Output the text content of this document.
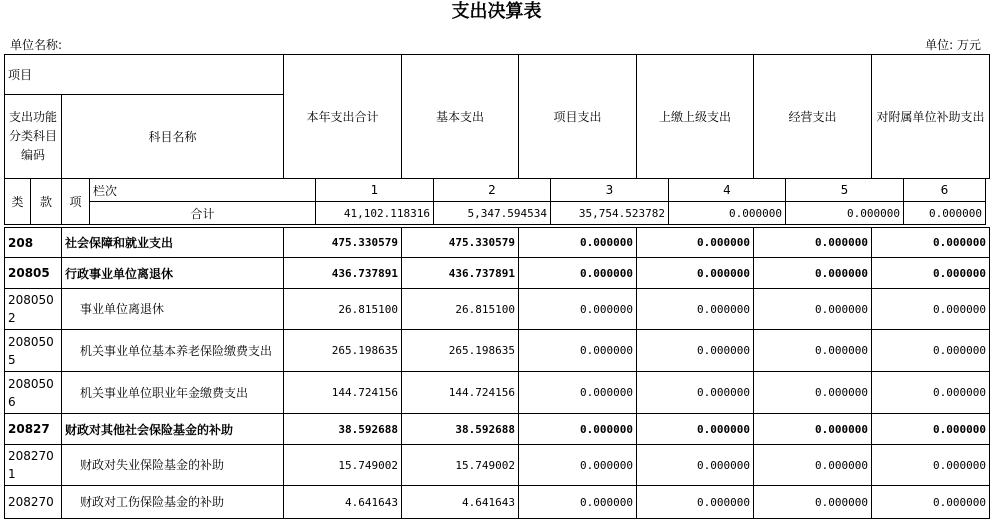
支出决算表
单位名称:	单位: 万元
项目		本年支出合计	基本支出	项目支出	上缴上级支出	经营支出	对附属单位补助支出
支出功能分类科目编码	科目名称						
类	款	项	栏次	1	2	3	4	5	6
			合计	41,102.118316	5,347.594534	35,754.523782	0.000000	0.000000	0.000000
208	社会保障和就业支出	475.330579	475.330579	0.000000	0.000000	0.000000	0.000000
20805	行政事业单位离退休	436.737891	436.737891	0.000000	0.000000	0.000000	0.000000
2080502	事业单位离退休	26.815100	26.815100	0.000000	0.000000	0.000000	0.000000
2080505	机关事业单位基本养老保险缴费支出	265.198635	265.198635	0.000000	0.000000	0.000000	0.000000
2080506	机关事业单位职业年金缴费支出	144.724156	144.724156	0.000000	0.000000	0.000000	0.000000
20827	财政对其他社会保险基金的补助	38.592688	38.592688	0.000000	0.000000	0.000000	0.000000
2082701	财政对失业保险基金的补助	15.749002	15.749002	0.000000	0.000000	0.000000	0.000000
208270	财政对工伤保险基金的补助	4.641643	4.641643	0.000000	0.000000	0.000000	0.000000
